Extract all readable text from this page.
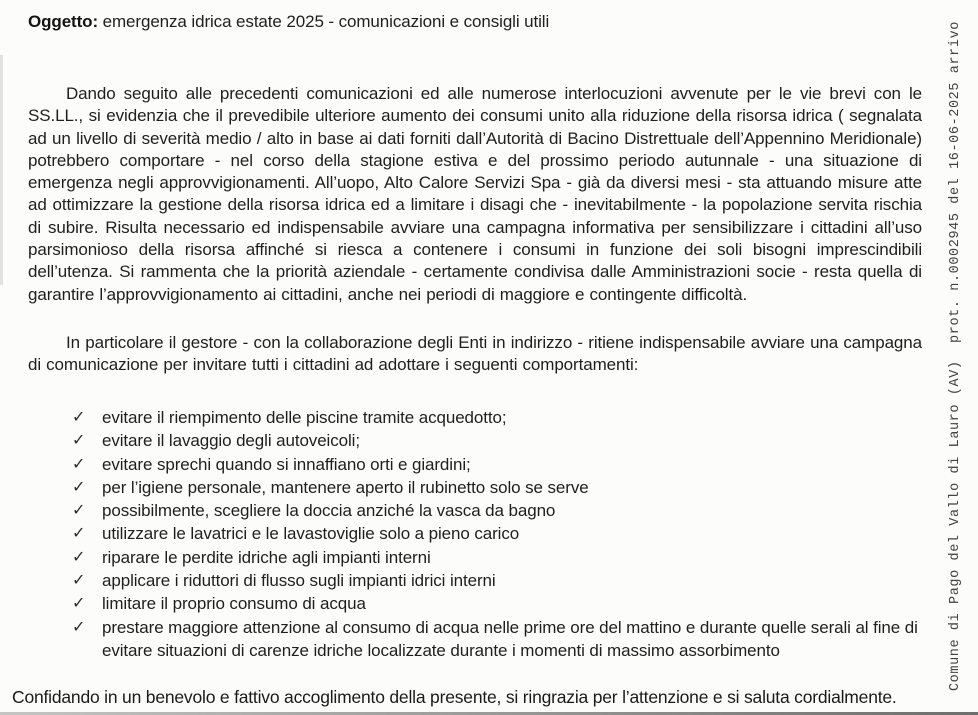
Oggetto: emergenza idrica estate 2025 - comunicazioni e consigli utili

Dando seguito alle precedenti comunicazioni ed alle numerose interlocuzioni avvenute per le vie brevi con le SS.LL., si evidenzia che il prevedibile ulteriore aumento dei consumi unito alla riduzione della risorsa idrica ( segnalata ad un livello di severità medio / alto in base ai dati forniti dall’Autorità di Bacino Distrettuale dell’Appennino Meridionale) potrebbero comportare - nel corso della stagione estiva e del prossimo periodo autunnale - una situazione di emergenza negli approvvigionamenti. All’uopo, Alto Calore Servizi Spa - già da diversi mesi - sta attuando misure atte ad ottimizzare la gestione della risorsa idrica ed a limitare i disagi che - inevitabilmente - la popolazione servita rischia di subire. Risulta necessario ed indispensabile avviare una campagna informativa per sensibilizzare i cittadini all’uso parsimonioso della risorsa affinché si riesca a contenere i consumi in funzione dei soli bisogni imprescindibili dell’utenza. Si rammenta che la priorità aziendale - certamente condivisa dalle Amministrazioni socie - resta quella di garantire l’approvvigionamento ai cittadini, anche nei periodi di maggiore e contingente difficoltà.

In particolare il gestore - con la collaborazione degli Enti in indirizzo - ritiene indispensabile avviare una campagna di comunicazione per invitare tutti i cittadini ad adottare i seguenti comportamenti:

✓ evitare il riempimento delle piscine tramite acquedotto;
✓ evitare il lavaggio degli autoveicoli;
✓ evitare sprechi quando si innaffiano orti e giardini;
✓ per l’igiene personale, mantenere aperto il rubinetto solo se serve
✓ possibilmente, scegliere la doccia anziché la vasca da bagno
✓ utilizzare le lavatrici e le lavastoviglie solo a pieno carico
✓ riparare le perdite idriche agli impianti interni
✓ applicare i riduttori di flusso sugli impianti idrici interni
✓ limitare il proprio consumo di acqua
✓ prestare maggiore attenzione al consumo di acqua nelle prime ore del mattino e durante quelle serali al fine di evitare situazioni di carenze idriche localizzate durante i momenti di massimo assorbimento
Confidando in un benevolo e fattivo accoglimento della presente, si ringrazia per l’attenzione e si saluta cordialmente.
Comune di Pago del Vallo di Lauro (AV)  prot. n.0002945 del 16-06-2025 arrivo
